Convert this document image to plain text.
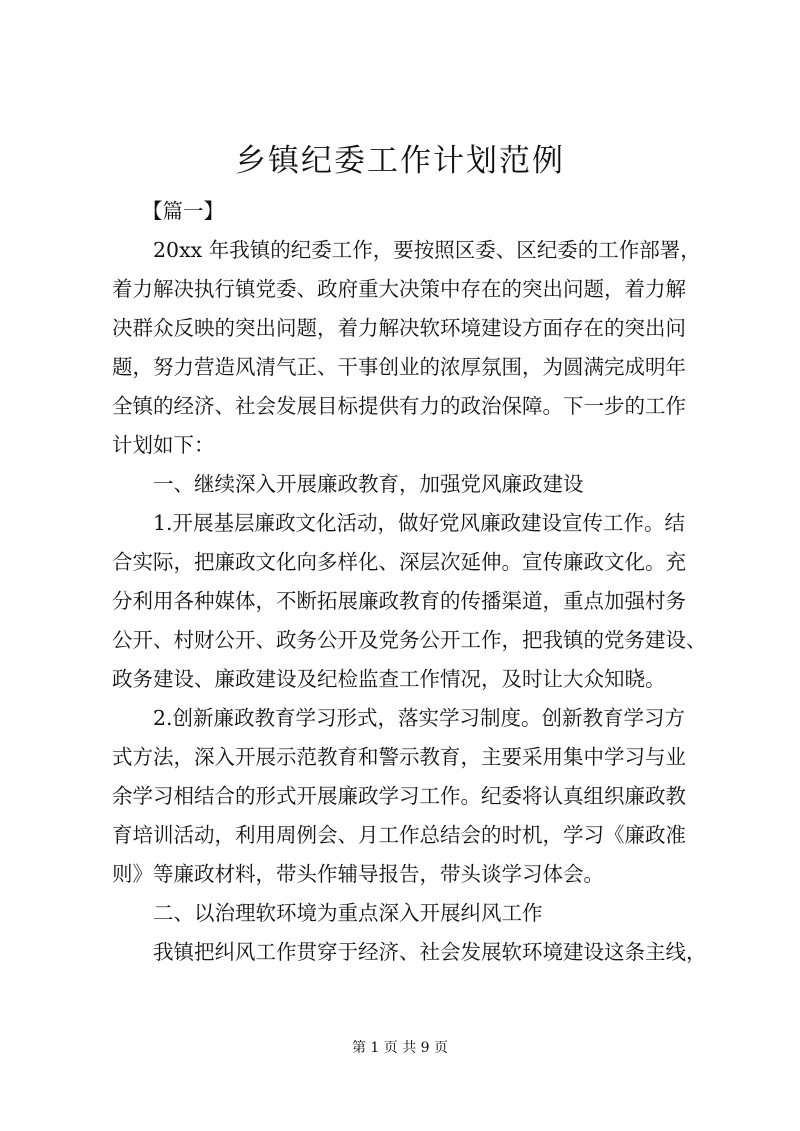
乡镇纪委工作计划范例

【篇一】

20xx 年我镇的纪委工作，要按照区委、区纪委的工作部署，
着力解决执行镇党委、政府重大决策中存在的突出问题，着力解
决群众反映的突出问题，着力解决软环境建设方面存在的突出问
题，努力营造风清气正、干事创业的浓厚氛围，为圆满完成明年
全镇的经济、社会发展目标提供有力的政治保障。下一步的工作
计划如下：

一、继续深入开展廉政教育，加强党风廉政建设

1.开展基层廉政文化活动，做好党风廉政建设宣传工作。结
合实际，把廉政文化向多样化、深层次延伸。宣传廉政文化。充
分利用各种媒体，不断拓展廉政教育的传播渠道，重点加强村务
公开、村财公开、政务公开及党务公开工作，把我镇的党务建设、
政务建设、廉政建设及纪检监查工作情况，及时让大众知晓。

2.创新廉政教育学习形式，落实学习制度。创新教育学习方
式方法，深入开展示范教育和警示教育，主要采用集中学习与业
余学习相结合的形式开展廉政学习工作。纪委将认真组织廉政教
育培训活动，利用周例会、月工作总结会的时机，学习《廉政准
则》等廉政材料，带头作辅导报告，带头谈学习体会。

二、以治理软环境为重点深入开展纠风工作

我镇把纠风工作贯穿于经济、社会发展软环境建设这条主线，

第 1 页 共 9 页
